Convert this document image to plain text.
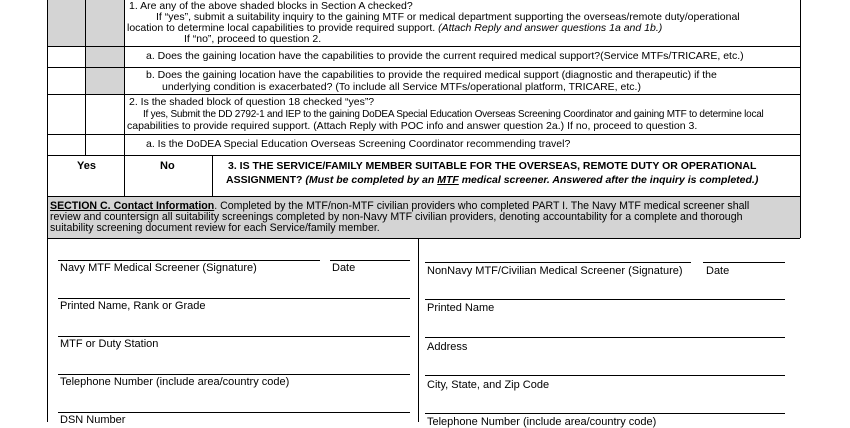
1. Are any of the above shaded blocks in Section A checked?
If “yes”, submit a suitability inquiry to the gaining MTF or medical department supporting the overseas/remote duty/operational
location to determine local capabilities to provide required support. (Attach Reply and answer questions 1a and 1b.)
If “no”, proceed to question 2.
a. Does the gaining location have the capabilities to provide the current required medical support?(Service MTFs/TRICARE, etc.)
b. Does the gaining location have the capabilities to provide the required medical support (diagnostic and therapeutic) if the
underlying condition is exacerbated? (To include all Service MTFs/operational platform, TRICARE, etc.)
2. Is the shaded block of question 18 checked “yes”?
If yes, Submit the DD 2792-1 and IEP to the gaining DoDEA Special Education Overseas Screening Coordinator and gaining MTF to determine local
capabilities to provide required support. (Attach Reply with POC info and answer question 2a.) If no, proceed to question 3.
a. Is the DoDEA Special Education Overseas Screening Coordinator recommending travel?
Yes	No	3. IS THE SERVICE/FAMILY MEMBER SUITABLE FOR THE OVERSEAS, REMOTE DUTY OR OPERATIONAL
ASSIGNMENT? (Must be completed by an MTF medical screener. Answered after the inquiry is completed.)
SECTION C. Contact Information. Completed by the MTF/non-MTF civilian providers who completed PART I. The Navy MTF medical screener shall
review and countersign all suitability screenings completed by non-Navy MTF civilian providers, denoting accountability for a complete and thorough
suitability screening document review for each Service/family member.
Navy MTF Medical Screener (Signature)	Date
Printed Name, Rank or Grade
MTF or Duty Station
Telephone Number (include area/country code)
DSN Number
NonNavy MTF/Civilian Medical Screener (Signature) Date
Printed Name
Address
City, State, and Zip Code
Telephone Number (include area/country code)
